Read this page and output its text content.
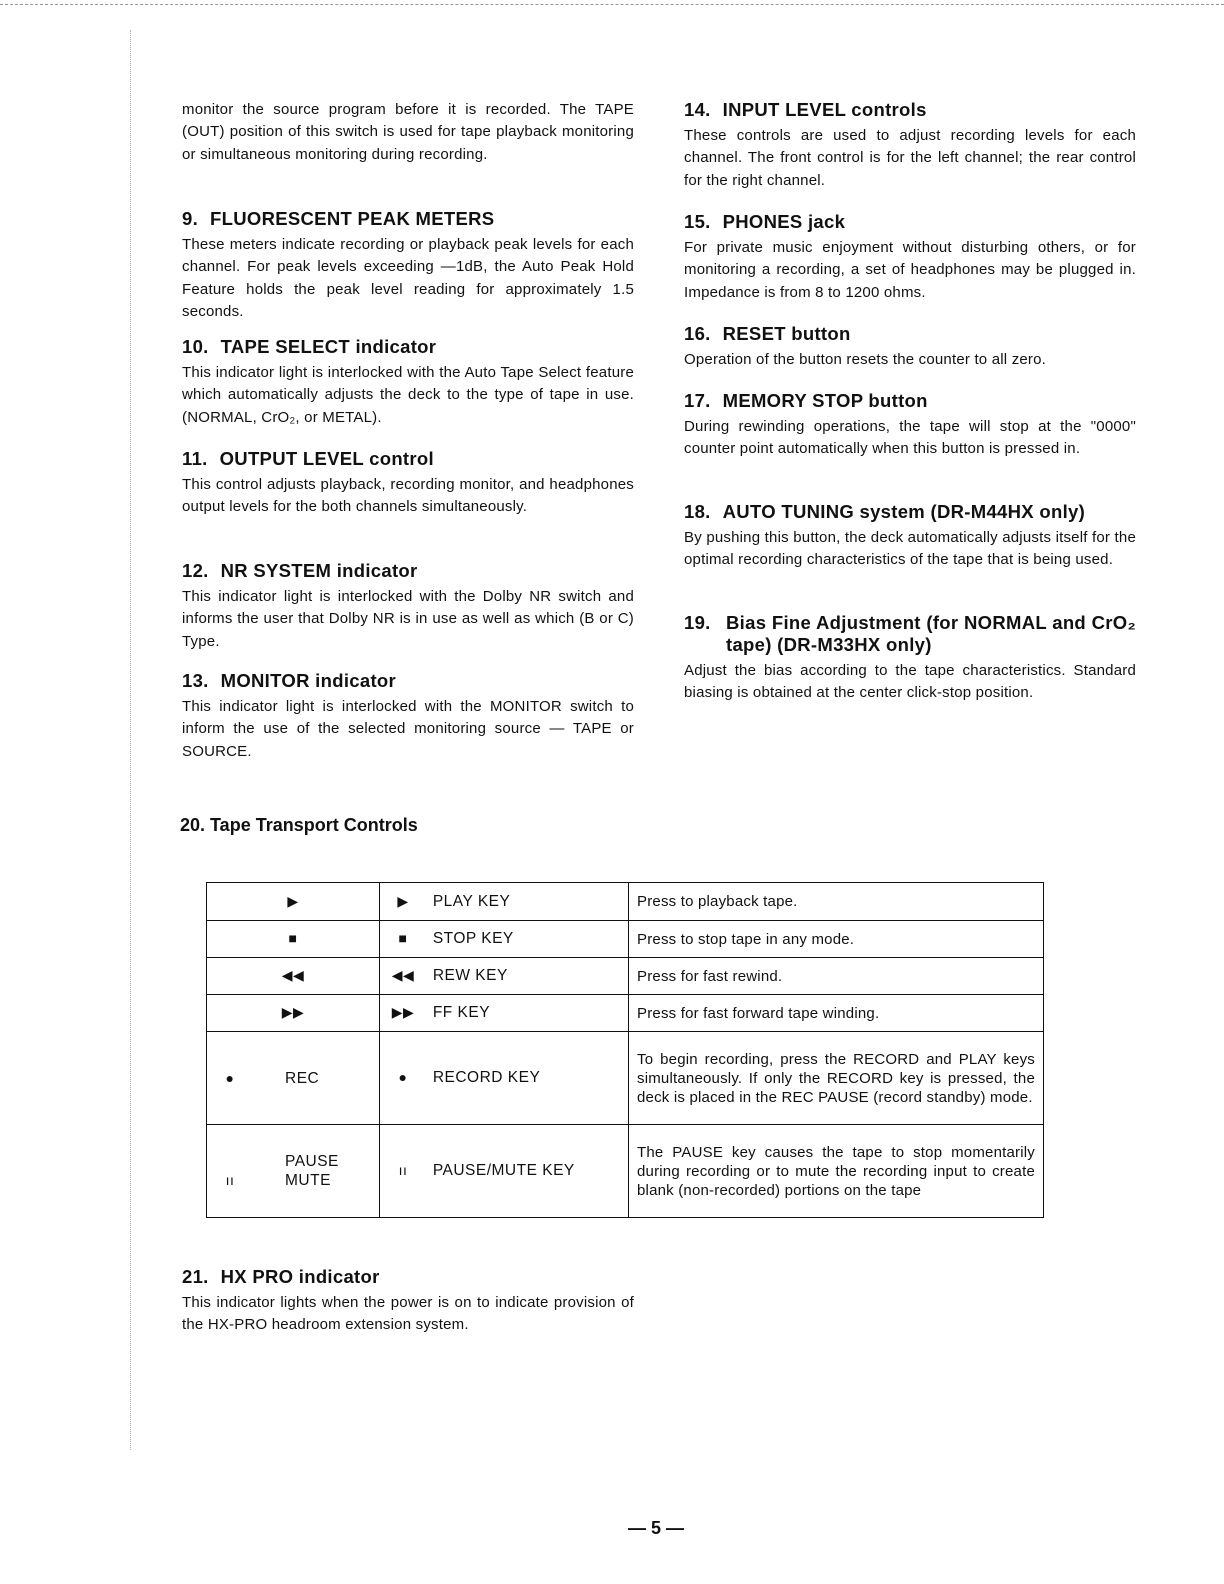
monitor the source program before it is recorded. The TAPE (OUT) position of this switch is used for tape playback monitoring or simultaneous monitoring during recording.

9. FLUORESCENT PEAK METERS

These meters indicate recording or playback peak levels for each channel. For peak levels exceeding —1dB, the Auto Peak Hold Feature holds the peak level reading for approximately 1.5 seconds.

10. TAPE SELECT indicator

This indicator light is interlocked with the Auto Tape Select feature which automatically adjusts the deck to the type of tape in use. (NORMAL, CrO₂, or METAL).

11. OUTPUT LEVEL control

This control adjusts playback, recording monitor, and headphones output levels for the both channels simultaneously.

12. NR SYSTEM indicator

This indicator light is interlocked with the Dolby NR switch and informs the user that Dolby NR is in use as well as which (B or C) Type.

13. MONITOR indicator

This indicator light is interlocked with the MONITOR switch to inform the use of the selected monitoring source — TAPE or SOURCE.

14. INPUT LEVEL controls

These controls are used to adjust recording levels for each channel. The front control is for the left channel; the rear control for the right channel.

15. PHONES jack

For private music enjoyment without disturbing others, or for monitoring a recording, a set of headphones may be plugged in. Impedance is from 8 to 1200 ohms.

16. RESET button

Operation of the button resets the counter to all zero.

17. MEMORY STOP button

During rewinding operations, the tape will stop at the "0000" counter point automatically when this button is pressed in.

18. AUTO TUNING system (DR-M44HX only)

By pushing this button, the deck automatically adjusts itself for the optimal recording characteristics of the tape that is being used.

19. Bias Fine Adjustment (for NORMAL and CrO₂ tape) (DR-M33HX only)

Adjust the bias according to the tape characteristics. Standard biasing is obtained at the center click-stop position.

20. Tape Transport Controls
▶	▶ PLAY KEY	Press to playback tape.
■	■ STOP KEY	Press to stop tape in any mode.
◀◀	◀◀ REW KEY	Press for fast rewind.
▶▶	▶▶ FF KEY	Press for fast forward tape winding.
● REC	● RECORD KEY	To begin recording, press the RECORD and PLAY keys simultaneously. If only the RECORD key is pressed, the deck is placed in the REC PAUSE (record standby) mode.
ııPAUSE MUTE	ıı PAUSE/MUTE KEY	The PAUSE key causes the tape to stop momentarily during recording or to mute the recording input to create blank (non-recorded) portions on the tape
21. HX PRO indicator

This indicator lights when the power is on to indicate provision of the HX-PRO headroom extension system.

— 5 —
